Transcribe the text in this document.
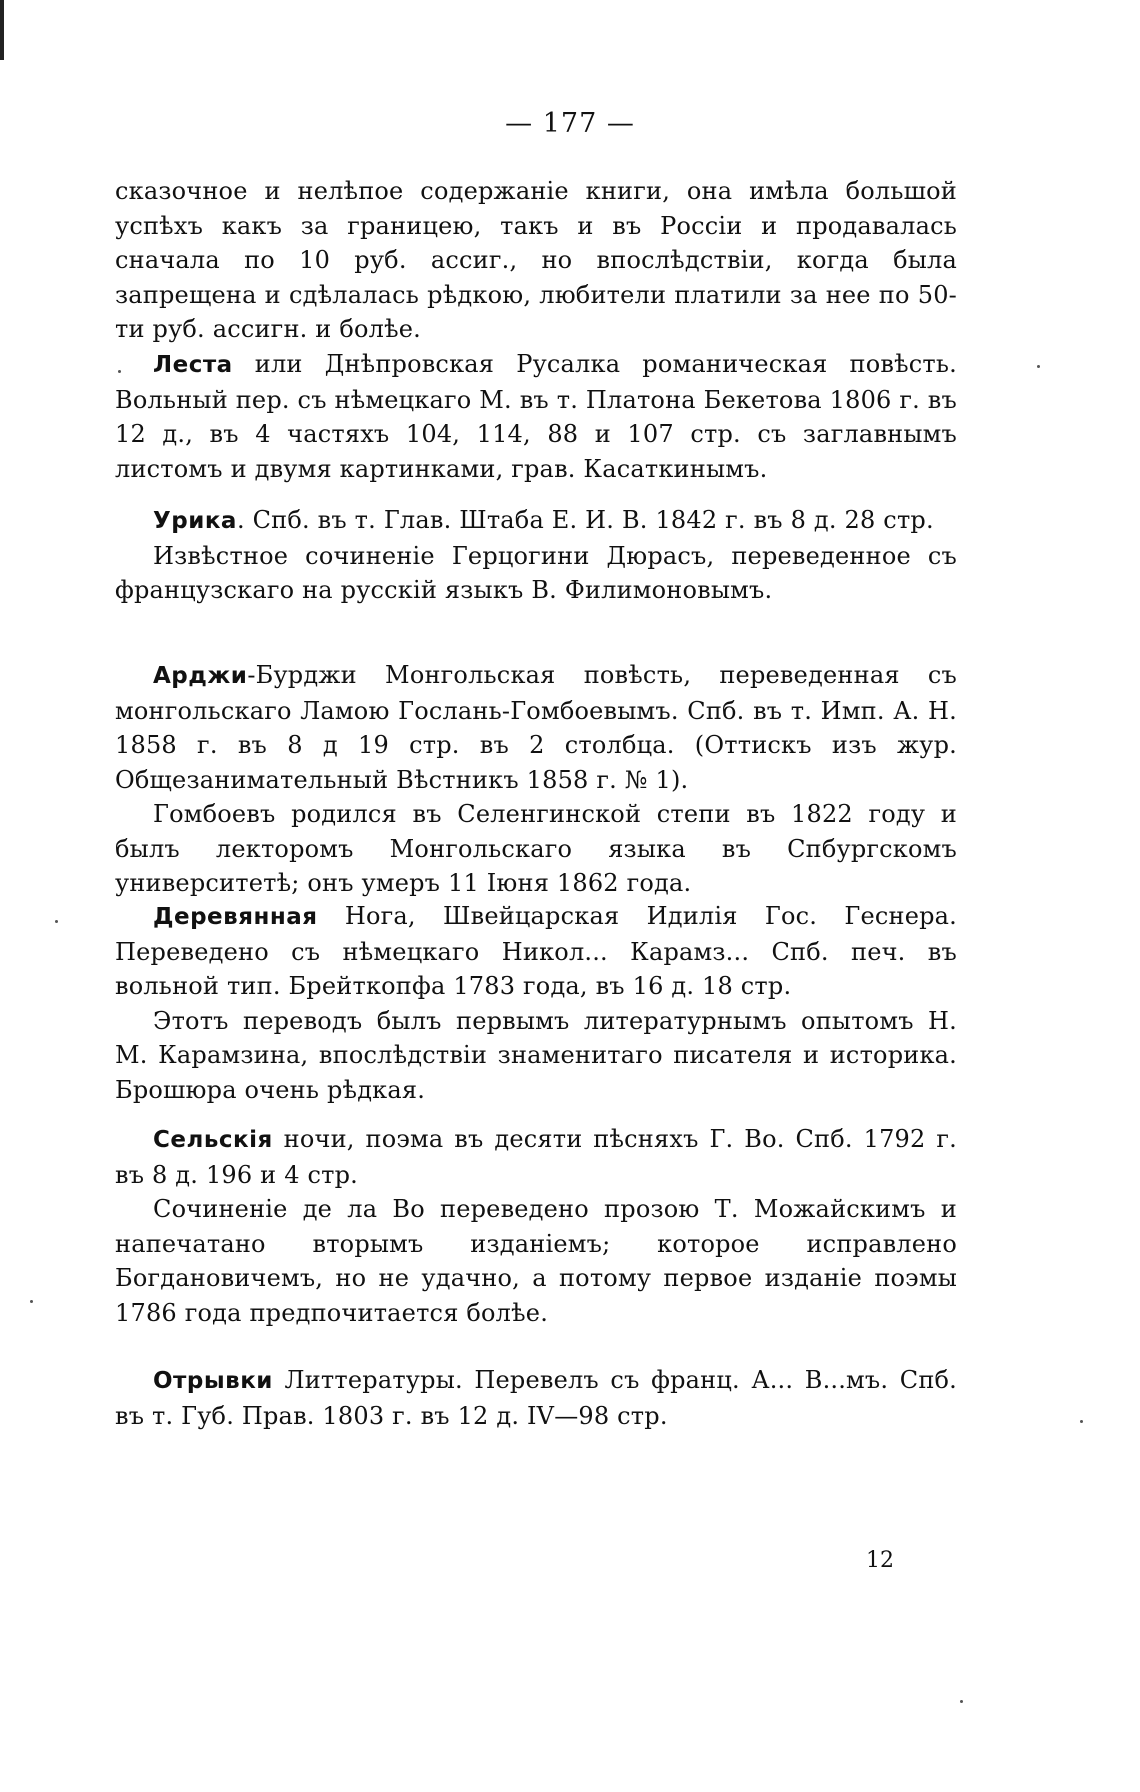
— 177 —

сказочное и нелѣпое содержанiе книги, она имѣла большой успѣхъ какъ за границею, такъ и въ Россiи и продавалась сначала по 10 руб. ассиг., но впослѣдствiи, когда была запрещена и сдѣлалась рѣдкою, любители платили за нее по 50-ти руб. ассигн. и болѣе.

Леста или Днѣпровская Русалка романическая повѣсть. Вольный пер. съ нѣмецкаго М. въ т. Платона Бекетова 1806 г. въ 12 д., въ 4 частяхъ 104, 114, 88 и 107 стр. съ заглавнымъ листомъ и двумя картинками, грав. Касаткинымъ.

Урика. Спб. въ т. Глав. Штаба Е. И. В. 1842 г. въ 8 д. 28 стр.

Извѣстное сочиненiе Герцогини Дюрасъ, переведенное съ французскаго на русскiй языкъ В. Филимоновымъ.

Арджи-Бурджи Монгольская повѣсть, переведенная съ монгольскаго Ламою Гослань-Гомбоевымъ. Спб. въ т. Имп. А. Н. 1858 г. въ 8 д 19 стр. въ 2 столбца. (Оттискъ изъ жур. Общезанимательный Вѣстникъ 1858 г. № 1).

Гомбоевъ родился въ Селенгинской степи въ 1822 году и былъ лекторомъ Монгольскаго языка въ Спбургскомъ университетѣ; онъ умеръ 11 Iюня 1862 года.

Деревянная Нога, Швейцарская Идилiя Гос. Геснера. Переведено съ нѣмецкаго Никол... Карамз... Спб. печ. въ вольной тип. Брейткопфа 1783 года, въ 16 д. 18 стр.

Этотъ переводъ былъ первымъ литературнымъ опытомъ Н. М. Карамзина, впослѣдствiи знаменитаго писателя и историка. Брошюра очень рѣдкая.

Сельскiя ночи, поэма въ десяти пѣсняхъ Г. Во. Спб. 1792 г. въ 8 д. 196 и 4 стр.

Сочиненiе де ла Во переведено прозою Т. Можайскимъ и напечатано вторымъ изданiемъ; которое исправлено Богдановичемъ, но не удачно, а потому первое изданiе поэмы 1786 года предпочитается болѣе.

Отрывки Литтературы. Перевелъ съ франц. А... В...мъ. Спб. въ т. Губ. Прав. 1803 г. въ 12 д. IV—98 стр.

12
